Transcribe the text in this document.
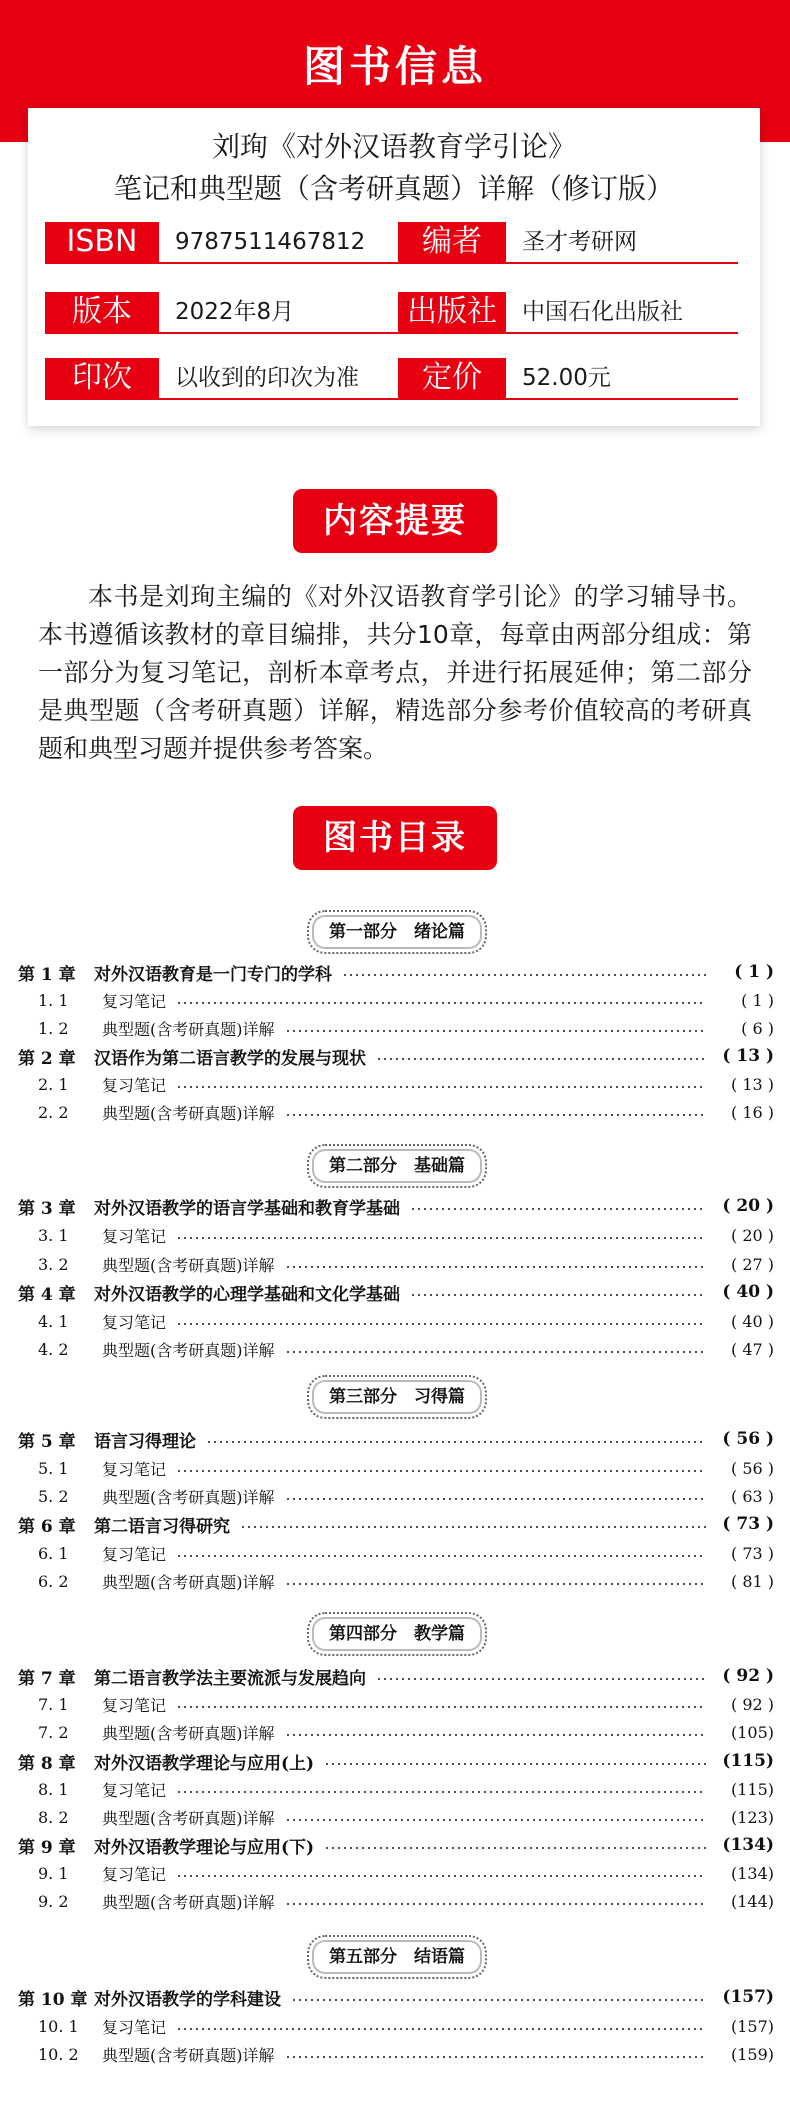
图书信息
刘珣《对外汉语教育学引论》
笔记和典型题（含考研真题）详解（修订版）
ISBN	9787511467812	编者	圣才考研网
版本	2022年8月	出版社	中国石化出版社
印次	以收到的印次为准	定价	52.00元
内容提要
本书是刘珣主编的《对外汉语教育学引论》的学习辅导书。本书遵循该教材的章目编排，共分10章，每章由两部分组成：第一部分为复习笔记，剖析本章考点，并进行拓展延伸；第二部分是典型题（含考研真题）详解，精选部分参考价值较高的考研真题和典型习题并提供参考答案。
图书目录
第一部分　绪论篇
第二部分　基础篇
第三部分　习得篇
第四部分　教学篇
第五部分　结语篇
第 1 章	对外汉语教育是一门专门的学科	( 1 )
1. 1	复习笔记	( 1 )
1. 2	典型题(含考研真题)详解	( 6 )
第 2 章	汉语作为第二语言教学的发展与现状	( 13 )
2. 1	复习笔记	( 13 )
2. 2	典型题(含考研真题)详解	( 16 )
第 3 章	对外汉语教学的语言学基础和教育学基础	( 20 )
3. 1	复习笔记	( 20 )
3. 2	典型题(含考研真题)详解	( 27 )
第 4 章	对外汉语教学的心理学基础和文化学基础	( 40 )
4. 1	复习笔记	( 40 )
4. 2	典型题(含考研真题)详解	( 47 )
第 5 章	语言习得理论	( 56 )
5. 1	复习笔记	( 56 )
5. 2	典型题(含考研真题)详解	( 63 )
第 6 章	第二语言习得研究	( 73 )
6. 1	复习笔记	( 73 )
6. 2	典型题(含考研真题)详解	( 81 )
第 7 章	第二语言教学法主要流派与发展趋向	( 92 )
7. 1	复习笔记	( 92 )
7. 2	典型题(含考研真题)详解	(105)
第 8 章	对外汉语教学理论与应用(上)	(115)
8. 1	复习笔记	(115)
8. 2	典型题(含考研真题)详解	(123)
第 9 章	对外汉语教学理论与应用(下)	(134)
9. 1	复习笔记	(134)
9. 2	典型题(含考研真题)详解	(144)
第 10 章 对外汉语教学的学科建设	(157)
10. 1	复习笔记	(157)
10. 2	典型题(含考研真题)详解	(159)
